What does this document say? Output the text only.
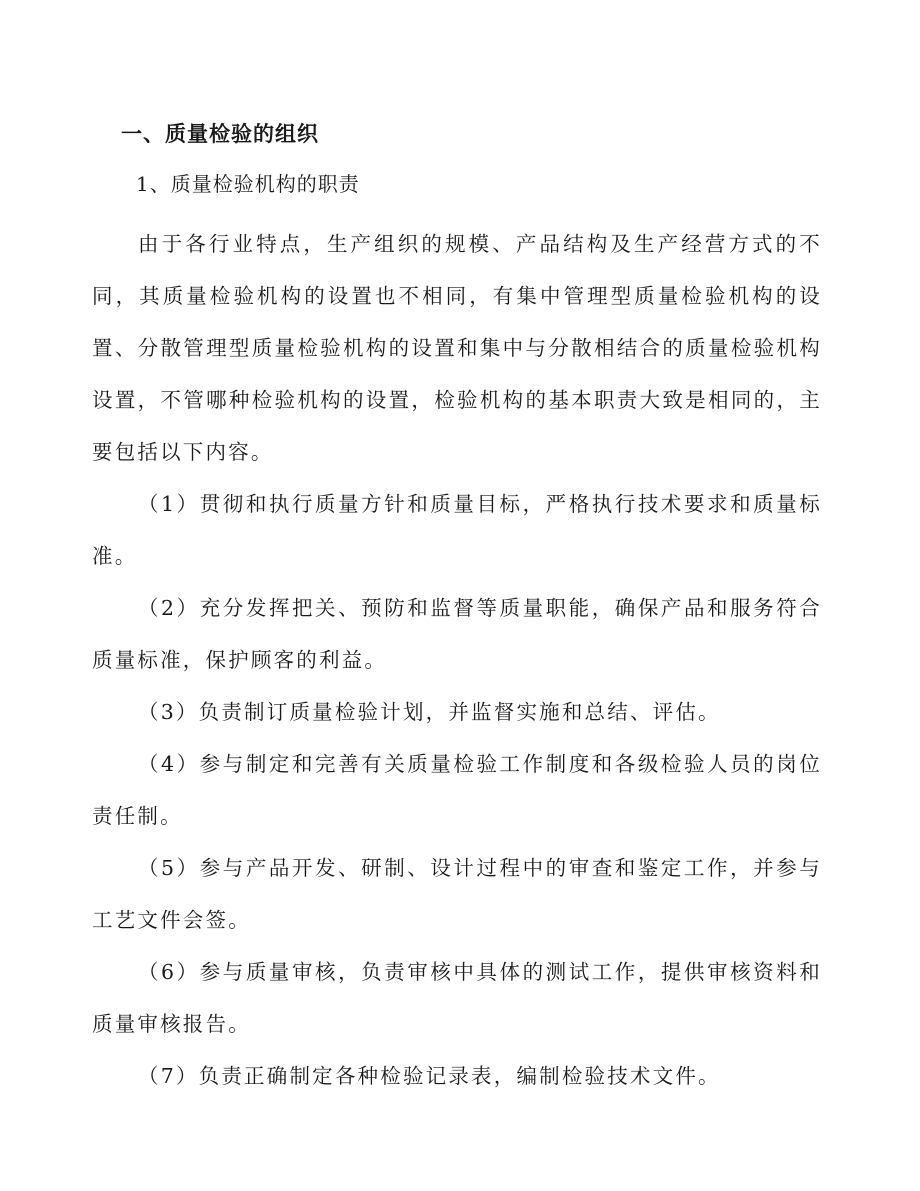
一、质量检验的组织
1、质量检验机构的职责

由于各行业特点，生产组织的规模、产品结构及生产经营方式的不同，其质量检验机构的设置也不相同，有集中管理型质量检验机构的设置、分散管理型质量检验机构的设置和集中与分散相结合的质量检验机构设置，不管哪种检验机构的设置，检验机构的基本职责大致是相同的，主要包括以下内容。

（1）贯彻和执行质量方针和质量目标，严格执行技术要求和质量标准。

（2）充分发挥把关、预防和监督等质量职能，确保产品和服务符合质量标准，保护顾客的利益。

（3）负责制订质量检验计划，并监督实施和总结、评估。

（4）参与制定和完善有关质量检验工作制度和各级检验人员的岗位责任制。

（5）参与产品开发、研制、设计过程中的审查和鉴定工作，并参与工艺文件会签。

（6）参与质量审核，负责审核中具体的测试工作，提供审核资料和质量审核报告。

（7）负责正确制定各种检验记录表，编制检验技术文件。
